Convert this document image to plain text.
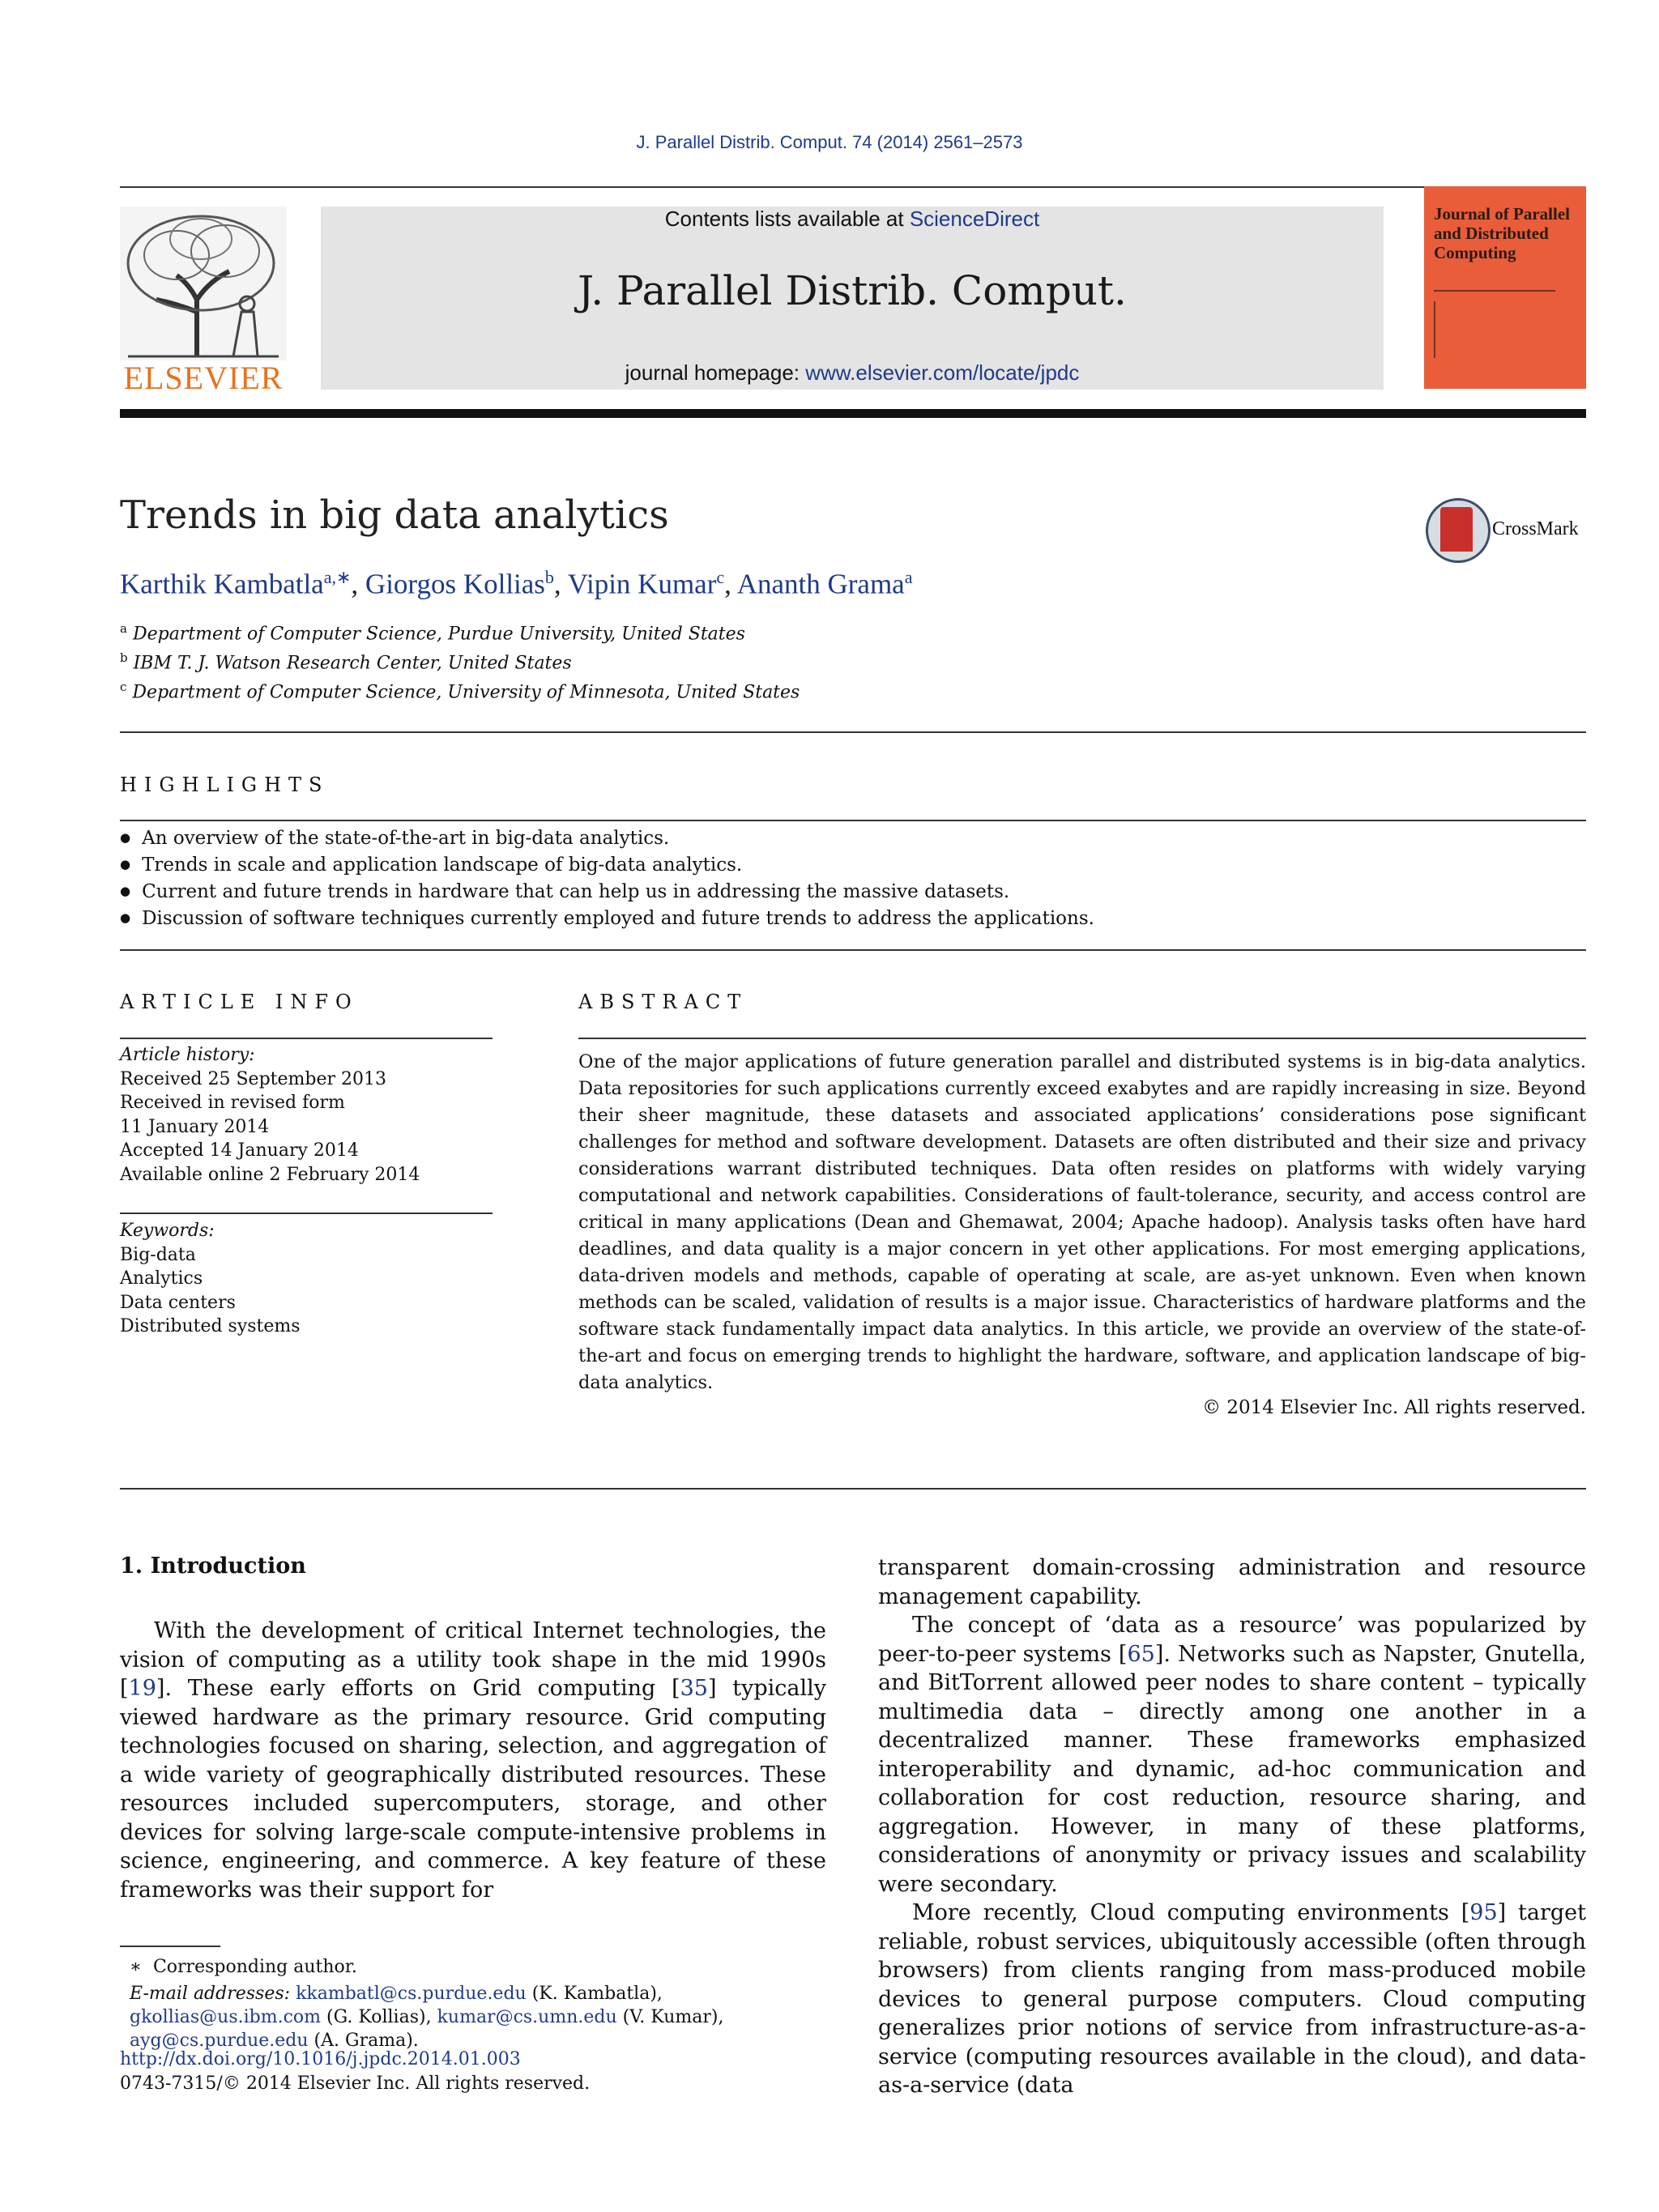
J. Parallel Distrib. Comput. 74 (2014) 2561–2573
ELSEVIER
Contents lists available at ScienceDirect
J. Parallel Distrib. Comput.
journal homepage: www.elsevier.com/locate/jpdc
Journal of Parallel and Distributed Computing
Trends in big data analytics	CrossMark
Karthik Kambatla$^{a,∗}$, Giorgos Kollias$^b$, Vipin Kumar$^c$, Ananth Grama$^a$
$^a$ Department of Computer Science, Purdue University, United States
$^b$ IBM T. J. Watson Research Center, United States
$^c$ Department of Computer Science, University of Minnesota, United States
HIGHLIGHTS
● An overview of the state-of-the-art in big-data analytics.
● Trends in scale and application landscape of big-data analytics.
● Current and future trends in hardware that can help us in addressing the massive datasets.
● Discussion of software techniques currently employed and future trends to address the applications.
ARTICLE INFO
Article history:
Received 25 September 2013
Received in revised form
11 January 2014
Accepted 14 January 2014
Available online 2 February 2014
Keywords:
Big-data
Analytics
Data centers
Distributed systems
ABSTRACT
One of the major applications of future generation parallel and distributed systems is in big-data analytics. Data repositories for such applications currently exceed exabytes and are rapidly increasing in size. Beyond their sheer magnitude, these datasets and associated applications’ considerations pose significant challenges for method and software development. Datasets are often distributed and their size and privacy considerations warrant distributed techniques. Data often resides on platforms with widely varying computational and network capabilities. Considerations of fault-tolerance, security, and access control are critical in many applications (Dean and Ghemawat, 2004; Apache hadoop). Analysis tasks often have hard deadlines, and data quality is a major concern in yet other applications. For most emerging applications, data-driven models and methods, capable of operating at scale, are as-yet unknown. Even when known methods can be scaled, validation of results is a major issue. Characteristics of hardware platforms and the software stack fundamentally impact data analytics. In this article, we provide an overview of the state-of-the-art and focus on emerging trends to highlight the hardware, software, and application landscape of big-data analytics.
© 2014 Elsevier Inc. All rights reserved.
1. Introduction
With the development of critical Internet technologies, the vision of computing as a utility took shape in the mid 1990s [19]. These early efforts on Grid computing [35] typically viewed hardware as the primary resource. Grid computing technologies focused on sharing, selection, and aggregation of a wide variety of geographically distributed resources. These resources included supercomputers, storage, and other devices for solving large-scale compute-intensive problems in science, engineering, and commerce. A key feature of these frameworks was their support for
transparent domain-crossing administration and resource management capability.
The concept of ‘data as a resource’ was popularized by peer-to-peer systems [65]. Networks such as Napster, Gnutella, and BitTorrent allowed peer nodes to share content – typically multimedia data – directly among one another in a decentralized manner. These frameworks emphasized interoperability and dynamic, ad-hoc communication and collaboration for cost reduction, resource sharing, and aggregation. However, in many of these platforms, considerations of anonymity or privacy issues and scalability were secondary.
More recently, Cloud computing environments [95] target reliable, robust services, ubiquitously accessible (often through browsers) from clients ranging from mass-produced mobile devices to general purpose computers. Cloud computing generalizes prior notions of service from infrastructure-as-a-service (computing resources available in the cloud), and data-as-a-service (data
∗ Corresponding author.
E-mail addresses: kkambatl@cs.purdue.edu (K. Kambatla), gkollias@us.ibm.com (G. Kollias), kumar@cs.umn.edu (V. Kumar), ayg@cs.purdue.edu (A. Grama).
http://dx.doi.org/10.1016/j.jpdc.2014.01.003
0743-7315/© 2014 Elsevier Inc. All rights reserved.
